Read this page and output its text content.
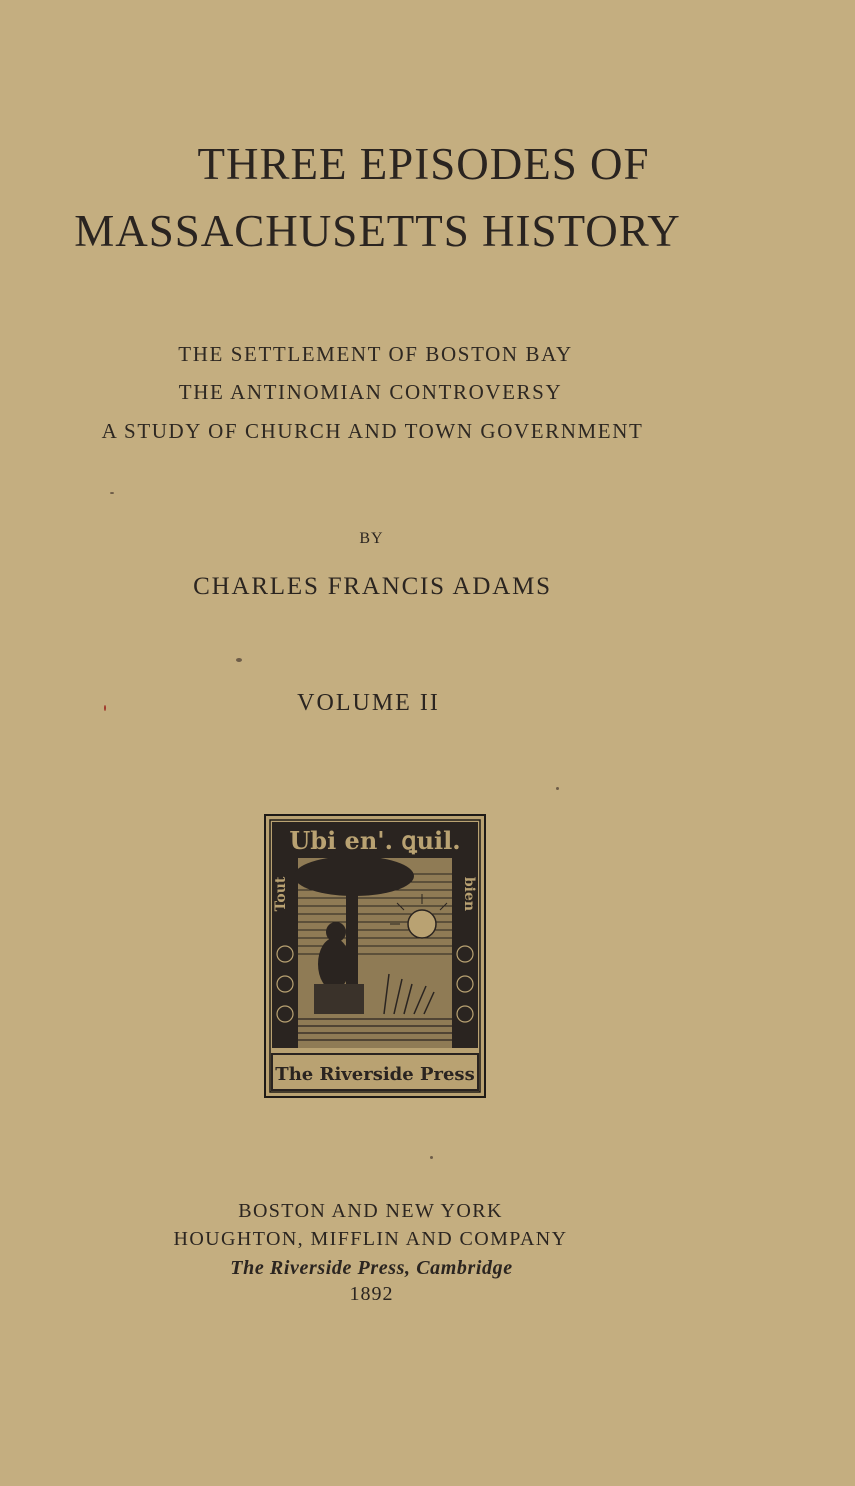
THREE EPISODES OF
MASSACHUSETTS HISTORY
THE SETTLEMENT OF BOSTON BAY
THE ANTINOMIAN CONTROVERSY
A STUDY OF CHURCH AND TOWN GOVERNMENT
BY
CHARLES FRANCIS ADAMS
VOLUME II
Ubi en'. ꝗuil.
Tout	bien
The Riverside Press
BOSTON AND NEW YORK
HOUGHTON, MIFFLIN AND COMPANY
The Riverside Press, Cambridge
1892
